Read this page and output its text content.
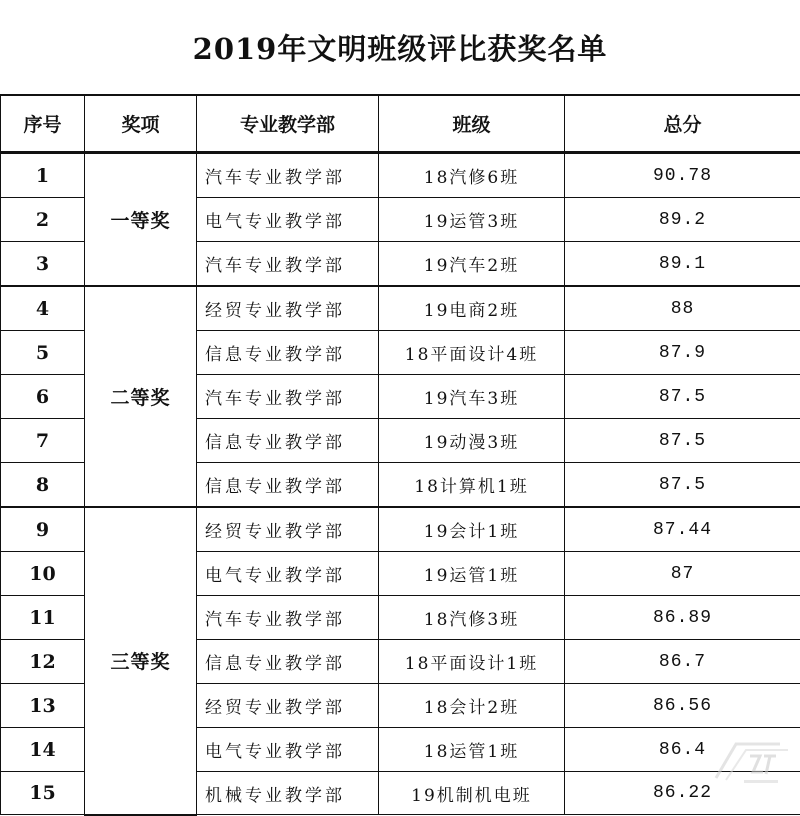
2019年文明班级评比获奖名单
序号	奖项	专业教学部	班级	总分
1	一等奖	汽车专业教学部	18汽修6班	90.78
2		电气专业教学部	19运管3班	89.2
3		汽车专业教学部	19汽车2班	89.1
4	二等奖	经贸专业教学部	19电商2班	88
5		信息专业教学部	18平面设计4班	87.9
6		汽车专业教学部	19汽车3班	87.5
7		信息专业教学部	19动漫3班	87.5
8		信息专业教学部	18计算机1班	87.5
9	三等奖	经贸专业教学部	19会计1班	87.44
10		电气专业教学部	19运管1班	87
11		汽车专业教学部	18汽修3班	86.89
12		信息专业教学部	18平面设计1班	86.7
13		经贸专业教学部	18会计2班	86.56
14		电气专业教学部	18运管1班	86.4
15		机械专业教学部	19机制机电班	86.22
